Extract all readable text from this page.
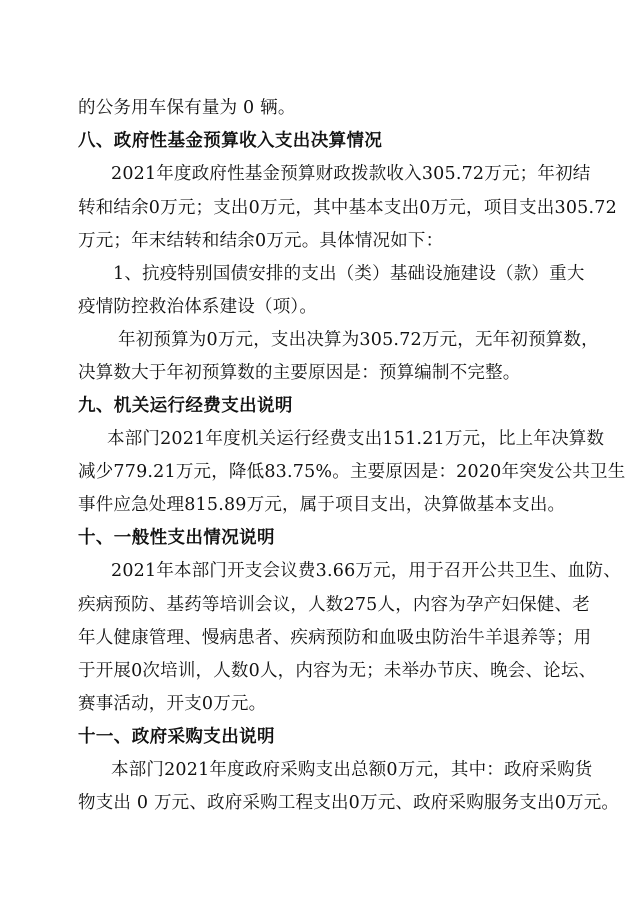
的公务用车保有量为 0 辆。
八、政府性基金预算收入支出决算情况
2021年度政府性基金预算财政拨款收入305.72万元；年初结
转和结余0万元；支出0万元，其中基本支出0万元，项目支出305.72
万元；年末结转和结余0万元。具体情况如下：
1、抗疫特别国债安排的支出（类）基础设施建设（款）重大
疫情防控救治体系建设（项）。
年初预算为0万元，支出决算为305.72万元，无年初预算数，
决算数大于年初预算数的主要原因是：预算编制不完整。
九、机关运行经费支出说明
本部门2021年度机关运行经费支出151.21万元，比上年决算数
减少779.21万元，降低83.75%。主要原因是：2020年突发公共卫生
事件应急处理815.89万元，属于项目支出，决算做基本支出。
十、一般性支出情况说明
2021年本部门开支会议费3.66万元，用于召开公共卫生、血防、
疾病预防、基药等培训会议，人数275人，内容为孕产妇保健、老
年人健康管理、慢病患者、疾病预防和血吸虫防治牛羊退养等；用
于开展0次培训，人数0人，内容为无；未举办节庆、晚会、论坛、
赛事活动，开支0万元。
十一、政府采购支出说明
本部门2021年度政府采购支出总额0万元，其中：政府采购货
物支出 0 万元、政府采购工程支出0万元、政府采购服务支出0万元。
